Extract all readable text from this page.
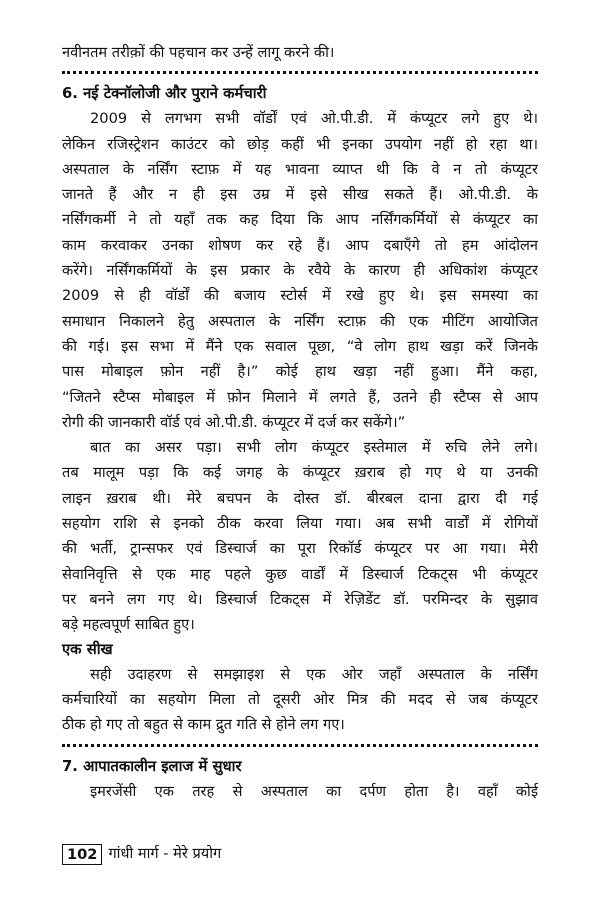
नवीनतम तरीक़ों की पहचान कर उन्हें लागू करने की।
6. नई टेक्नॉलोजी और पुराने कर्मचारी
2009 से लगभग सभी वॉर्डों एवं ओ.पी.डी. में कंप्यूटर लगे हुए थे।
लेकिन रजिस्ट्रेशन काउंटर को छोड़ कहीं भी इनका उपयोग नहीं हो रहा था।
अस्पताल के नर्सिंग स्टाफ़ में यह भावना व्याप्त थी कि वे न तो कंप्यूटर
जानते हैं और न ही इस उम्र में इसे सीख सकते हैं। ओ.पी.डी. के
नर्सिंगकर्मी ने तो यहाँ तक कह दिया कि आप नर्सिंगकर्मियों से कंप्यूटर का
काम करवाकर उनका शोषण कर रहे हैं। आप दबाएँगे तो हम आंदोलन
करेंगे। नर्सिंगकर्मियों के इस प्रकार के रवैये के कारण ही अधिकांश कंप्यूटर
2009 से ही वॉर्डों की बजाय स्टोर्स में रखे हुए थे। इस समस्या का
समाधान निकालने हेतु अस्पताल के नर्सिंग स्टाफ़ की एक मीटिंग आयोजित
की गई। इस सभा में मैंने एक सवाल पूछा, “वे लोग हाथ खड़ा करें जिनके
पास मोबाइल फ़ोन नहीं है।” कोई हाथ खड़ा नहीं हुआ। मैंने कहा,
“जितने स्टैप्स मोबाइल में फ़ोन मिलाने में लगते हैं, उतने ही स्टैप्स से आप
रोगी की जानकारी वॉर्ड एवं ओ.पी.डी. कंप्यूटर में दर्ज कर सकेंगे।”
बात का असर पड़ा। सभी लोग कंप्यूटर इस्तेमाल में रुचि लेने लगे।
तब मालूम पड़ा कि कई जगह के कंप्यूटर ख़राब हो गए थे या उनकी
लाइन ख़राब थी। मेरे बचपन के दोस्त डॉ. बीरबल दाना द्वारा दी गई
सहयोग राशि से इनको ठीक करवा लिया गया। अब सभी वार्डों में रोगियों
की भर्ती, ट्रान्सफर एवं डिस्चार्ज का पूरा रिकॉर्ड कंप्यूटर पर आ गया। मेरी
सेवानिवृत्ति से एक माह पहले कुछ वार्डों में डिस्चार्ज टिकट्स भी कंप्यूटर
पर बनने लग गए थे। डिस्चार्ज टिकट्स में रेज़िडेंट डॉ. परमिन्दर के सुझाव
बड़े महत्वपूर्ण साबित हुए।
एक सीख
सही उदाहरण से समझाइश से एक ओर जहाँ अस्पताल के नर्सिंग
कर्मचारियों का सहयोग मिला तो दूसरी ओर मित्र की मदद से जब कंप्यूटर
ठीक हो गए तो बहुत से काम द्रुत गति से होने लग गए।
7. आपातकालीन इलाज में सुधार
इमरजेंसी एक तरह से अस्पताल का दर्पण होता है। वहाँ कोई
102 गांधी मार्ग - मेरे प्रयोग
